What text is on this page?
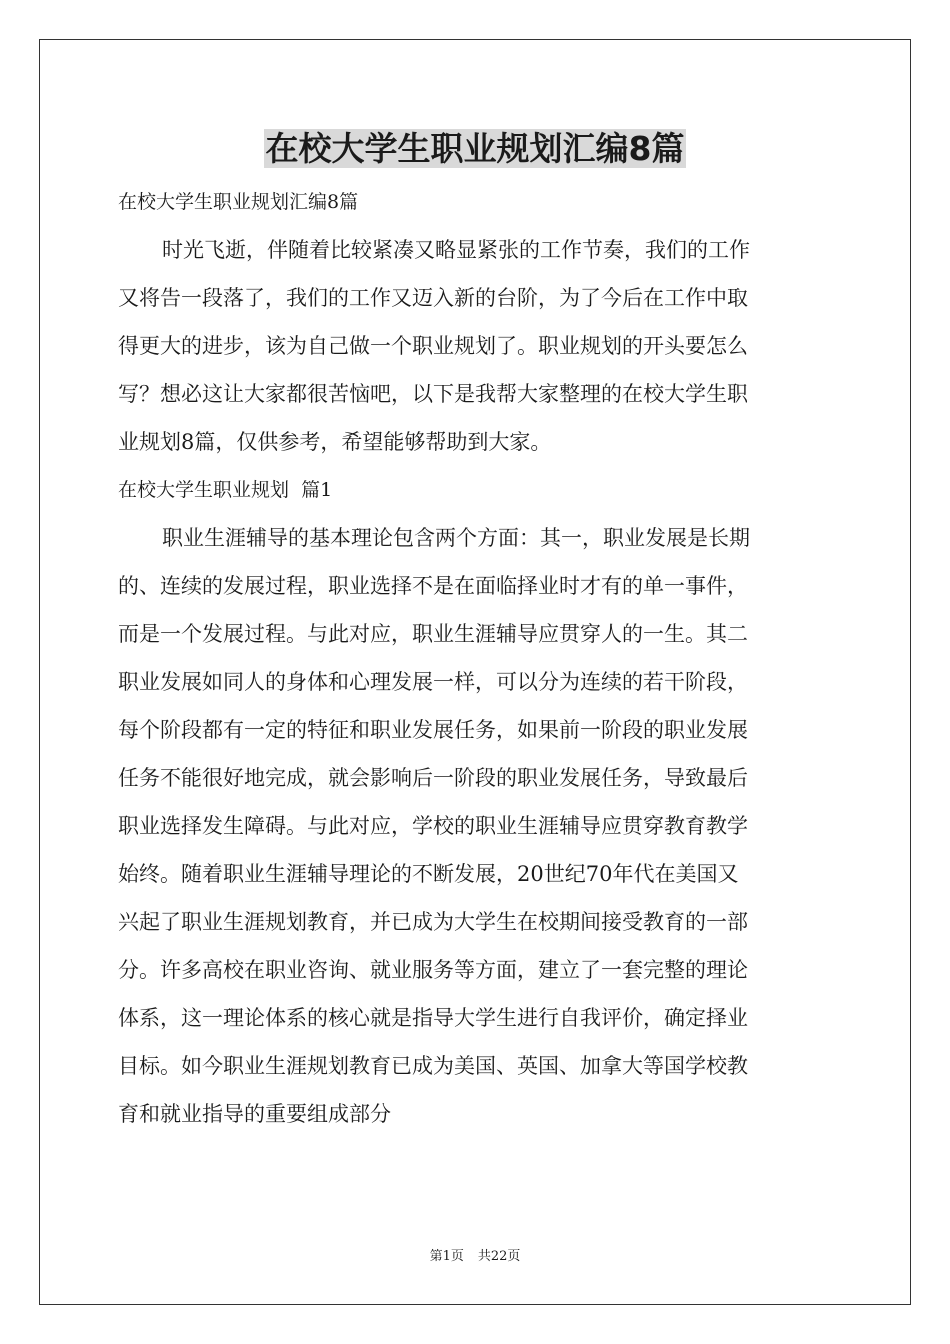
在校大学生职业规划汇编8篇

在校大学生职业规划汇编8篇

时光飞逝，伴随着比较紧凑又略显紧张的工作节奏，我们的工作

又将告一段落了，我们的工作又迈入新的台阶，为了今后在工作中取

得更大的进步，该为自己做一个职业规划了。职业规划的开头要怎么

写？想必这让大家都很苦恼吧，以下是我帮大家整理的在校大学生职

业规划8篇，仅供参考，希望能够帮助到大家。

在校大学生职业规划  篇1

职业生涯辅导的基本理论包含两个方面：其一，职业发展是长期

的、连续的发展过程，职业选择不是在面临择业时才有的单一事件，

而是一个发展过程。与此对应，职业生涯辅导应贯穿人的一生。其二

职业发展如同人的身体和心理发展一样，可以分为连续的若干阶段，

每个阶段都有一定的特征和职业发展任务，如果前一阶段的职业发展

任务不能很好地完成，就会影响后一阶段的职业发展任务，导致最后

职业选择发生障碍。与此对应，学校的职业生涯辅导应贯穿教育教学

始终。随着职业生涯辅导理论的不断发展，20世纪70年代在美国又

兴起了职业生涯规划教育，并已成为大学生在校期间接受教育的一部

分。许多高校在职业咨询、就业服务等方面，建立了一套完整的理论

体系，这一理论体系的核心就是指导大学生进行自我评价，确定择业

目标。如今职业生涯规划教育已成为美国、英国、加拿大等国学校教

育和就业指导的重要组成部分

第1页 共22页
